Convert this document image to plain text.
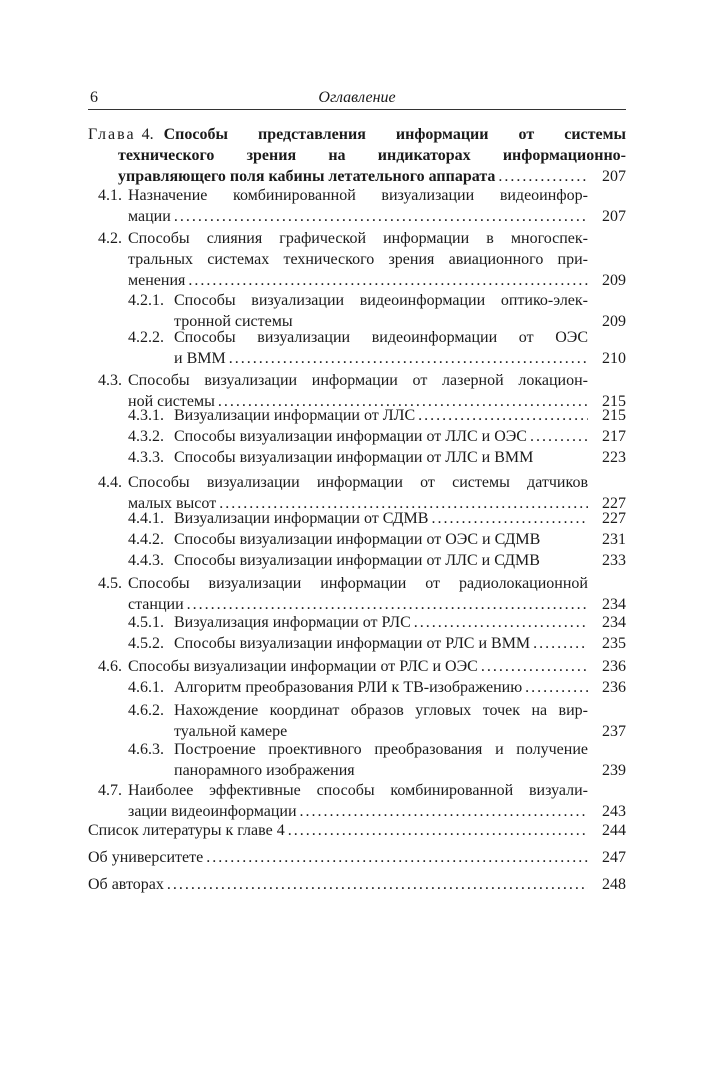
6	Оглавление
Глава 4. Способы представления информации от системы
технического зрения на индикаторах информационно-
управляющего поля кабины летательного аппарата .....	207
4.1. Назначение комбинированной визуализации видеоинфор-
мации .....	207
4.2. Способы слияния графической информации в многоспек-
тральных системах технического зрения авиационного при-
менения .....	209
4.2.1. Способы визуализации видеоинформации оптико-элек-
тронной системы	209
4.2.2. Способы визуализации видеоинформации от ОЭС
и ВММ .....	210
4.3. Способы визуализации информации от лазерной локацион-
ной системы .....	215
4.3.1. Визуализации информации от ЛЛС .....	215
4.3.2. Способы визуализации информации от ЛЛС и ОЭС .....	217
4.3.3. Способы визуализации информации от ЛЛС и ВММ	223
4.4. Способы визуализации информации от системы датчиков
малых высот .....	227
4.4.1. Визуализации информации от СДМВ .....	227
4.4.2. Способы визуализации информации от ОЭС и СДМВ	231
4.4.3. Способы визуализации информации от ЛЛС и СДМВ	233
4.5. Способы визуализации информации от радиолокационной
станции .....	234
4.5.1. Визуализация информации от РЛС .....	234
4.5.2. Способы визуализации информации от РЛС и ВММ .....	235
4.6. Способы визуализации информации от РЛС и ОЭС .....	236
4.6.1. Алгоритм преобразования РЛИ к ТВ-изображению .....	236
4.6.2. Нахождение координат образов угловых точек на вир-
туальной камере	237
4.6.3. Построение проективного преобразования и получение
панорамного изображения	239
4.7. Наиболее эффективные способы комбинированной визуали-
зации видеоинформации .....	243
Список литературы к главе 4 .....	244
Об университете .....	247
Об авторах .....	248
